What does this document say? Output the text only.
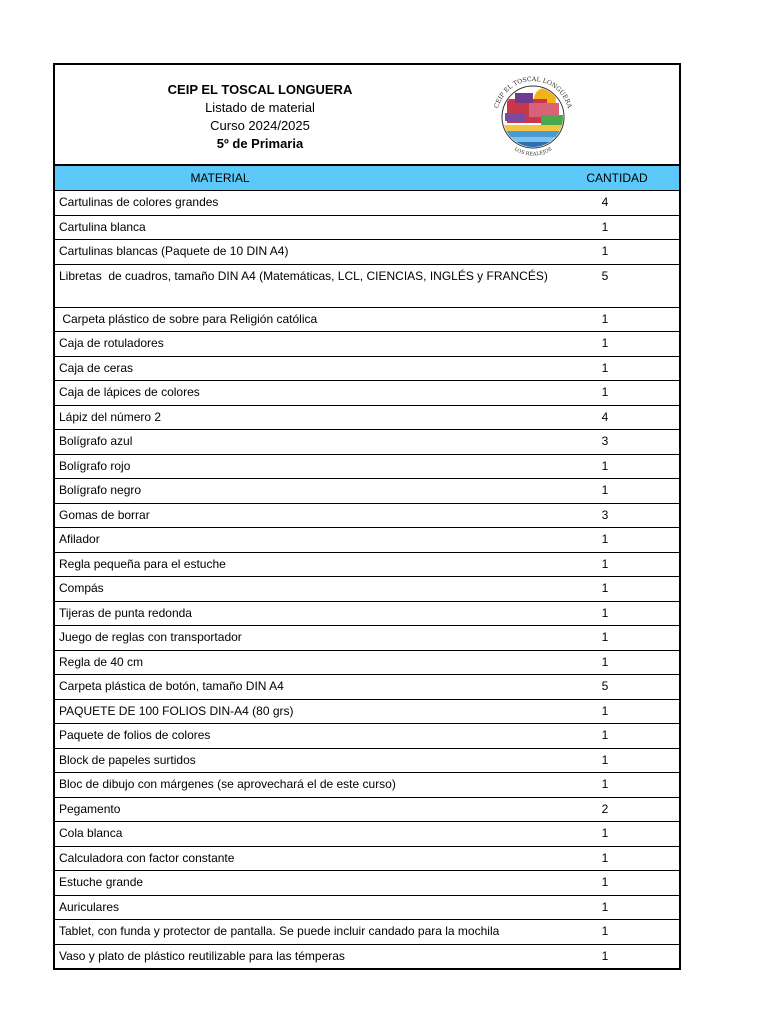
CEIP EL TOSCAL LONGUERA
Listado de material
Curso 2024/2025
5º de Primaria
CEIP EL TOSCAL LONGUERA
LOS REALEJOS
MATERIAL	CANTIDAD
Cartulinas de colores grandes	4
Cartulina blanca	1
Cartulinas blancas (Paquete de 10 DIN A4)	1
Libretas  de cuadros, tamaño DIN A4 (Matemáticas, LCL, CIENCIAS, INGLÉS y FRANCÉS)	5
Carpeta plástico de sobre para Religión católica	1
Caja de rotuladores	1
Caja de ceras	1
Caja de lápices de colores	1
Lápiz del número 2	4
Bolígrafo azul	3
Bolígrafo rojo	1
Bolígrafo negro	1
Gomas de borrar	3
Afilador	1
Regla pequeña para el estuche	1
Compás	1
Tijeras de punta redonda	1
Juego de reglas con transportador	1
Regla de 40 cm	1
Carpeta plástica de botón, tamaño DIN A4	5
PAQUETE DE 100 FOLIOS DIN-A4 (80 grs)	1
Paquete de folios de colores	1
Block de papeles surtidos	1
Bloc de dibujo con márgenes (se aprovechará el de este curso)	1
Pegamento	2
Cola blanca	1
Calculadora con factor constante	1
Estuche grande	1
Auriculares	1
Tablet, con funda y protector de pantalla. Se puede incluir candado para la mochila	1
Vaso y plato de plástico reutilizable para las témperas	1
